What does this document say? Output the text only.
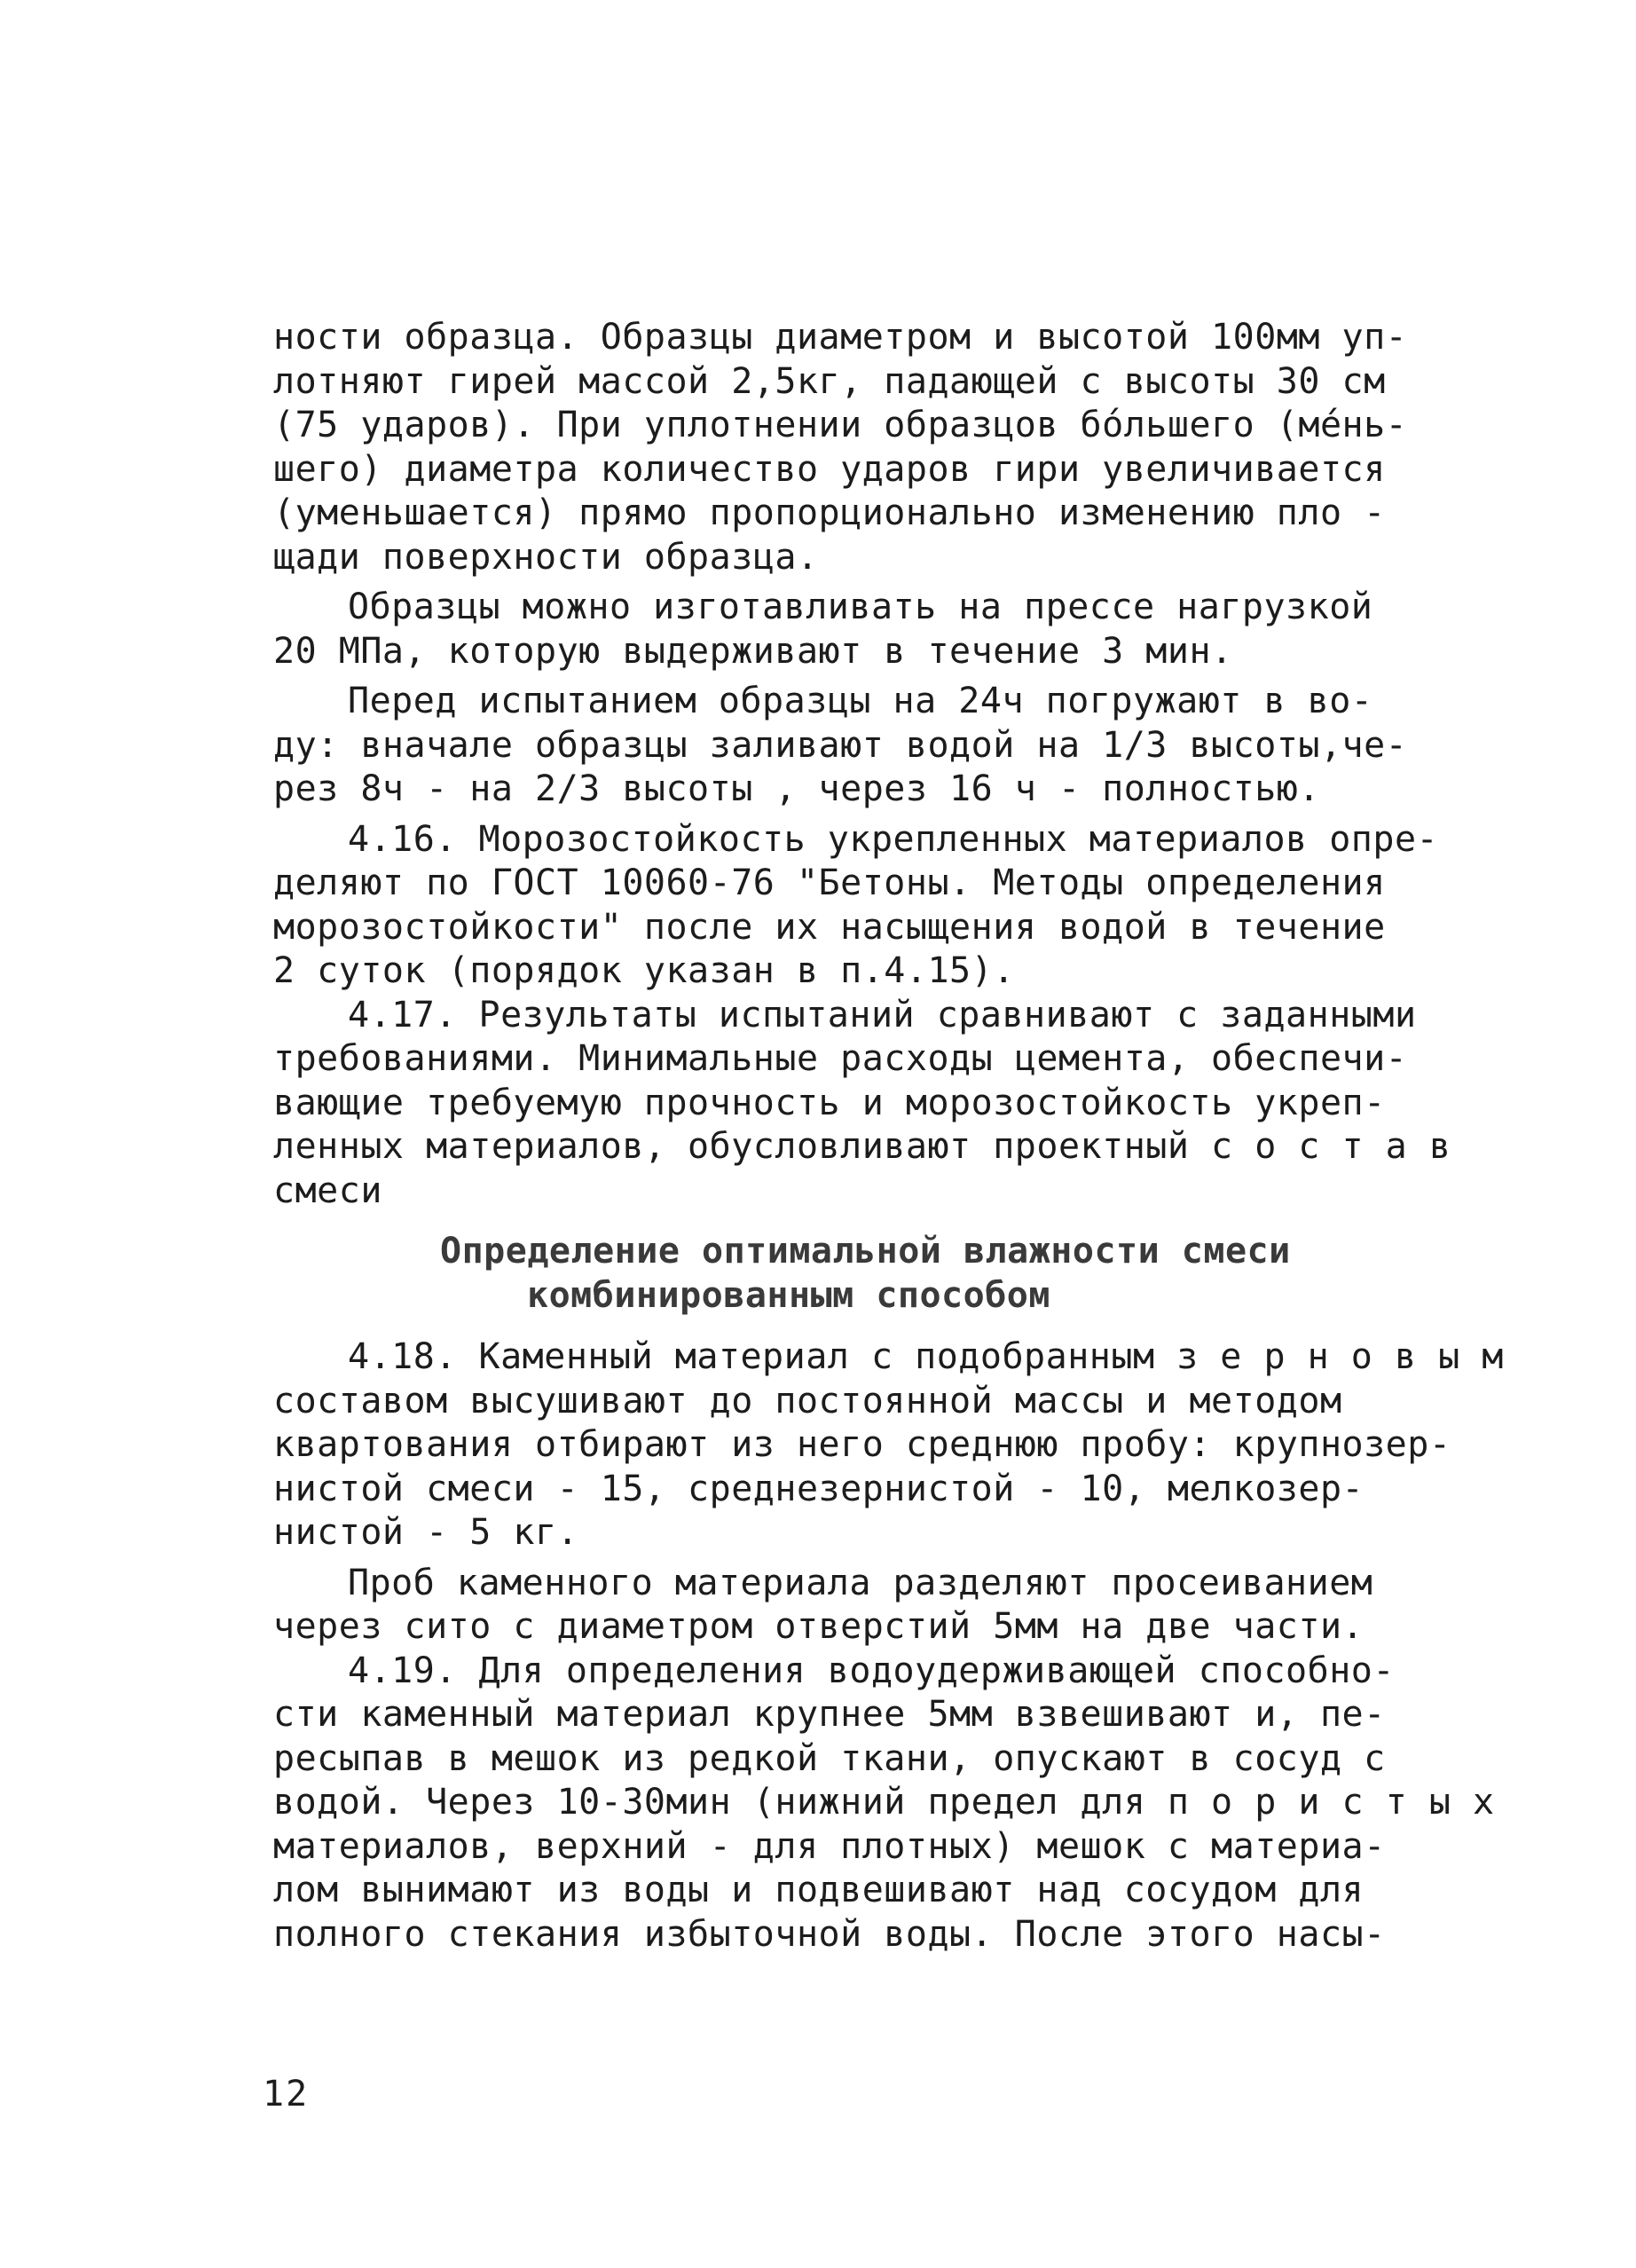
ности образца. Образцы диаметром и высотой 100мм уп-
лотняют гирей массой 2,5кг, падающей с высоты 30 см
(75 ударов). При уплотнении образцов бо́льшего (ме́нь-
шего) диаметра количество ударов гири увеличивается
(уменьшается) прямо пропорционально изменению пло -
щади поверхности образца.
Образцы можно изготавливать на прессе нагрузкой
20 МПа, которую выдерживают в течение 3 мин.
Перед испытанием образцы на 24ч погружают в во-
ду: вначале образцы заливают водой на 1/3 высоты,че-
рез 8ч - на 2/3 высоты , через 16 ч - полностью.
4.16. Морозостойкость укрепленных материалов опре-
деляют по ГОСТ 10060-76 "Бетоны. Методы определения
морозостойкости" после их насыщения водой в течение
2 суток (порядок указан в п.4.15).
4.17. Результаты испытаний сравнивают с заданными
требованиями. Минимальные расходы цемента, обеспечи-
вающие требуемую прочность и морозостойкость укреп-
ленных материалов, обусловливают проектный с о с т а в
смеси
Определение оптимальной влажности смеси
комбинированным способом
4.18. Каменный материал с подобранным з е р н о в ы м
составом высушивают до постоянной массы и методом
квартования отбирают из него среднюю пробу: крупнозер-
нистой смеси - 15, среднезернистой - 10, мелкозер-
нистой - 5 кг.
Проб каменного материала разделяют просеиванием
через сито с диаметром отверстий 5мм на две части.
4.19. Для определения водоудерживающей способно-
сти каменный материал крупнее 5мм взвешивают и, пе-
ресыпав в мешок из редкой ткани, опускают в сосуд с
водой. Через 10-30мин (нижний предел для п о р и с т ы х
материалов, верхний - для плотных) мешок с материа-
лом вынимают из воды и подвешивают над сосудом для
полного стекания избыточной воды. После этого насы-
12
